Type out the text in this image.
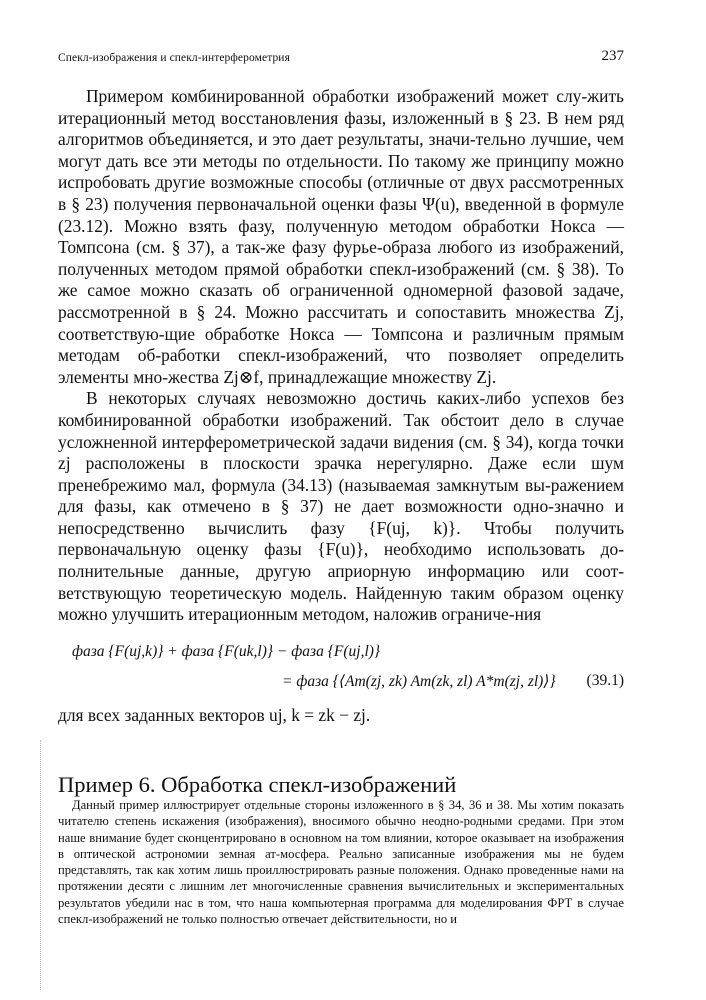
Спекл-изображения и спекл-интерферометрия	237

Примером комбинированной обработки изображений может слу-жить итерационный метод восстановления фазы, изложенный в § 23. В нем ряд алгоритмов объединяется, и это дает результаты, значи-тельно лучшие, чем могут дать все эти методы по отдельности. По такому же принципу можно испробовать другие возможные способы (отличные от двух рассмотренных в § 23) получения первоначальной оценки фазы Ψ(u), введенной в формуле (23.12). Можно взять фазу, полученную методом обработки Нокса — Томпсона (см. § 37), а так-же фазу фурье-образа любого из изображений, полученных методом прямой обработки спекл-изображений (см. § 38). То же самое можно сказать об ограниченной одномерной фазовой задаче, рассмотренной в § 24. Можно рассчитать и сопоставить множества Zj, соответствую-щие обработке Нокса — Томпсона и различным прямым методам об-работки спекл-изображений, что позволяет определить элементы мно-жества Zj⊗f, принадлежащие множеству Zj.

В некоторых случаях невозможно достичь каких-либо успехов без комбинированной обработки изображений. Так обстоит дело в случае усложненной интерферометрической задачи видения (см. § 34), когда точки zj расположены в плоскости зрачка нерегулярно. Даже если шум пренебрежимо мал, формула (34.13) (называемая замкнутым вы-ражением для фазы, как отмечено в § 37) не дает возможности одно-значно и непосредственно вычислить фазу {F(uj, k)}. Чтобы получить первоначальную оценку фазы {F(u)}, необходимо использовать до-полнительные данные, другую априорную информацию или соот-ветствующую теоретическую модель. Найденную таким образом оценку можно улучшить итерационным методом, наложив ограниче-ния

фаза {F(uj,k)} + фаза {F(uk,l)} − фаза {F(uj,l)}
= фаза {⟨Am(zj, zk) Am(zk, zl) A*m(zj, zl)⟩} (39.1)
для всех заданных векторов uj, k = zk − zj.
Пример 6. Обработка спекл-изображений

Данный пример иллюстрирует отдельные стороны изложенного в § 34, 36 и 38. Мы хотим показать читателю степень искажения (изображения), вносимого обычно неодно-родными средами. При этом наше внимание будет сконцентрировано в основном на том влиянии, которое оказывает на изображения в оптической астрономии земная ат-мосфера. Реально записанные изображения мы не будем представлять, так как хотим лишь проиллюстрировать разные положения. Однако проведенные нами на протяжении десяти с лишним лет многочисленные сравнения вычислительных и экспериментальных результатов убедили нас в том, что наша компьютерная программа для моделирования ФРТ в случае спекл-изображений не только полностью отвечает действительности, но и
